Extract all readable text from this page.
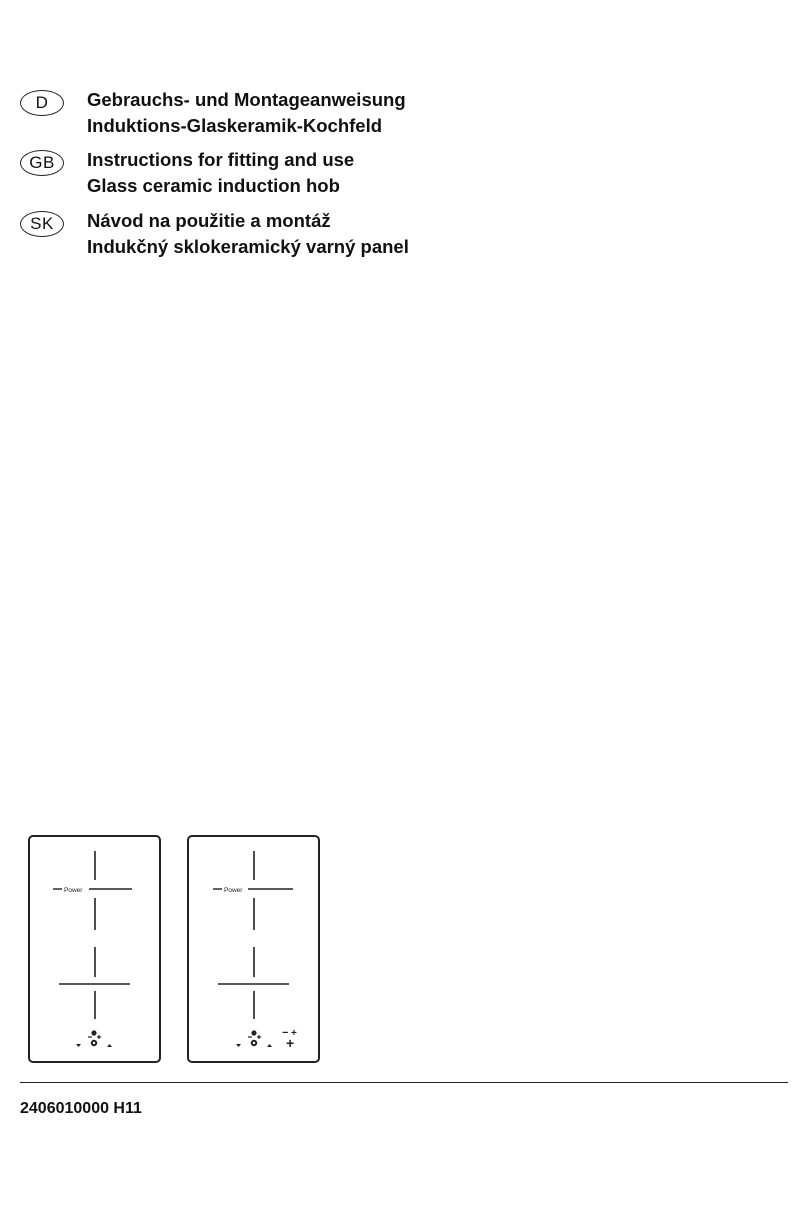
D	Gebrauchs- und Montageanweisung
Induktions-Glaskeramik-Kochfeld
GB	Instructions for fitting and use
Glass ceramic induction hob
SK	Návod na použitie a montáž
Indukčný sklokeramický varný panel
Power	Power
− +
+
2406010000 H11
